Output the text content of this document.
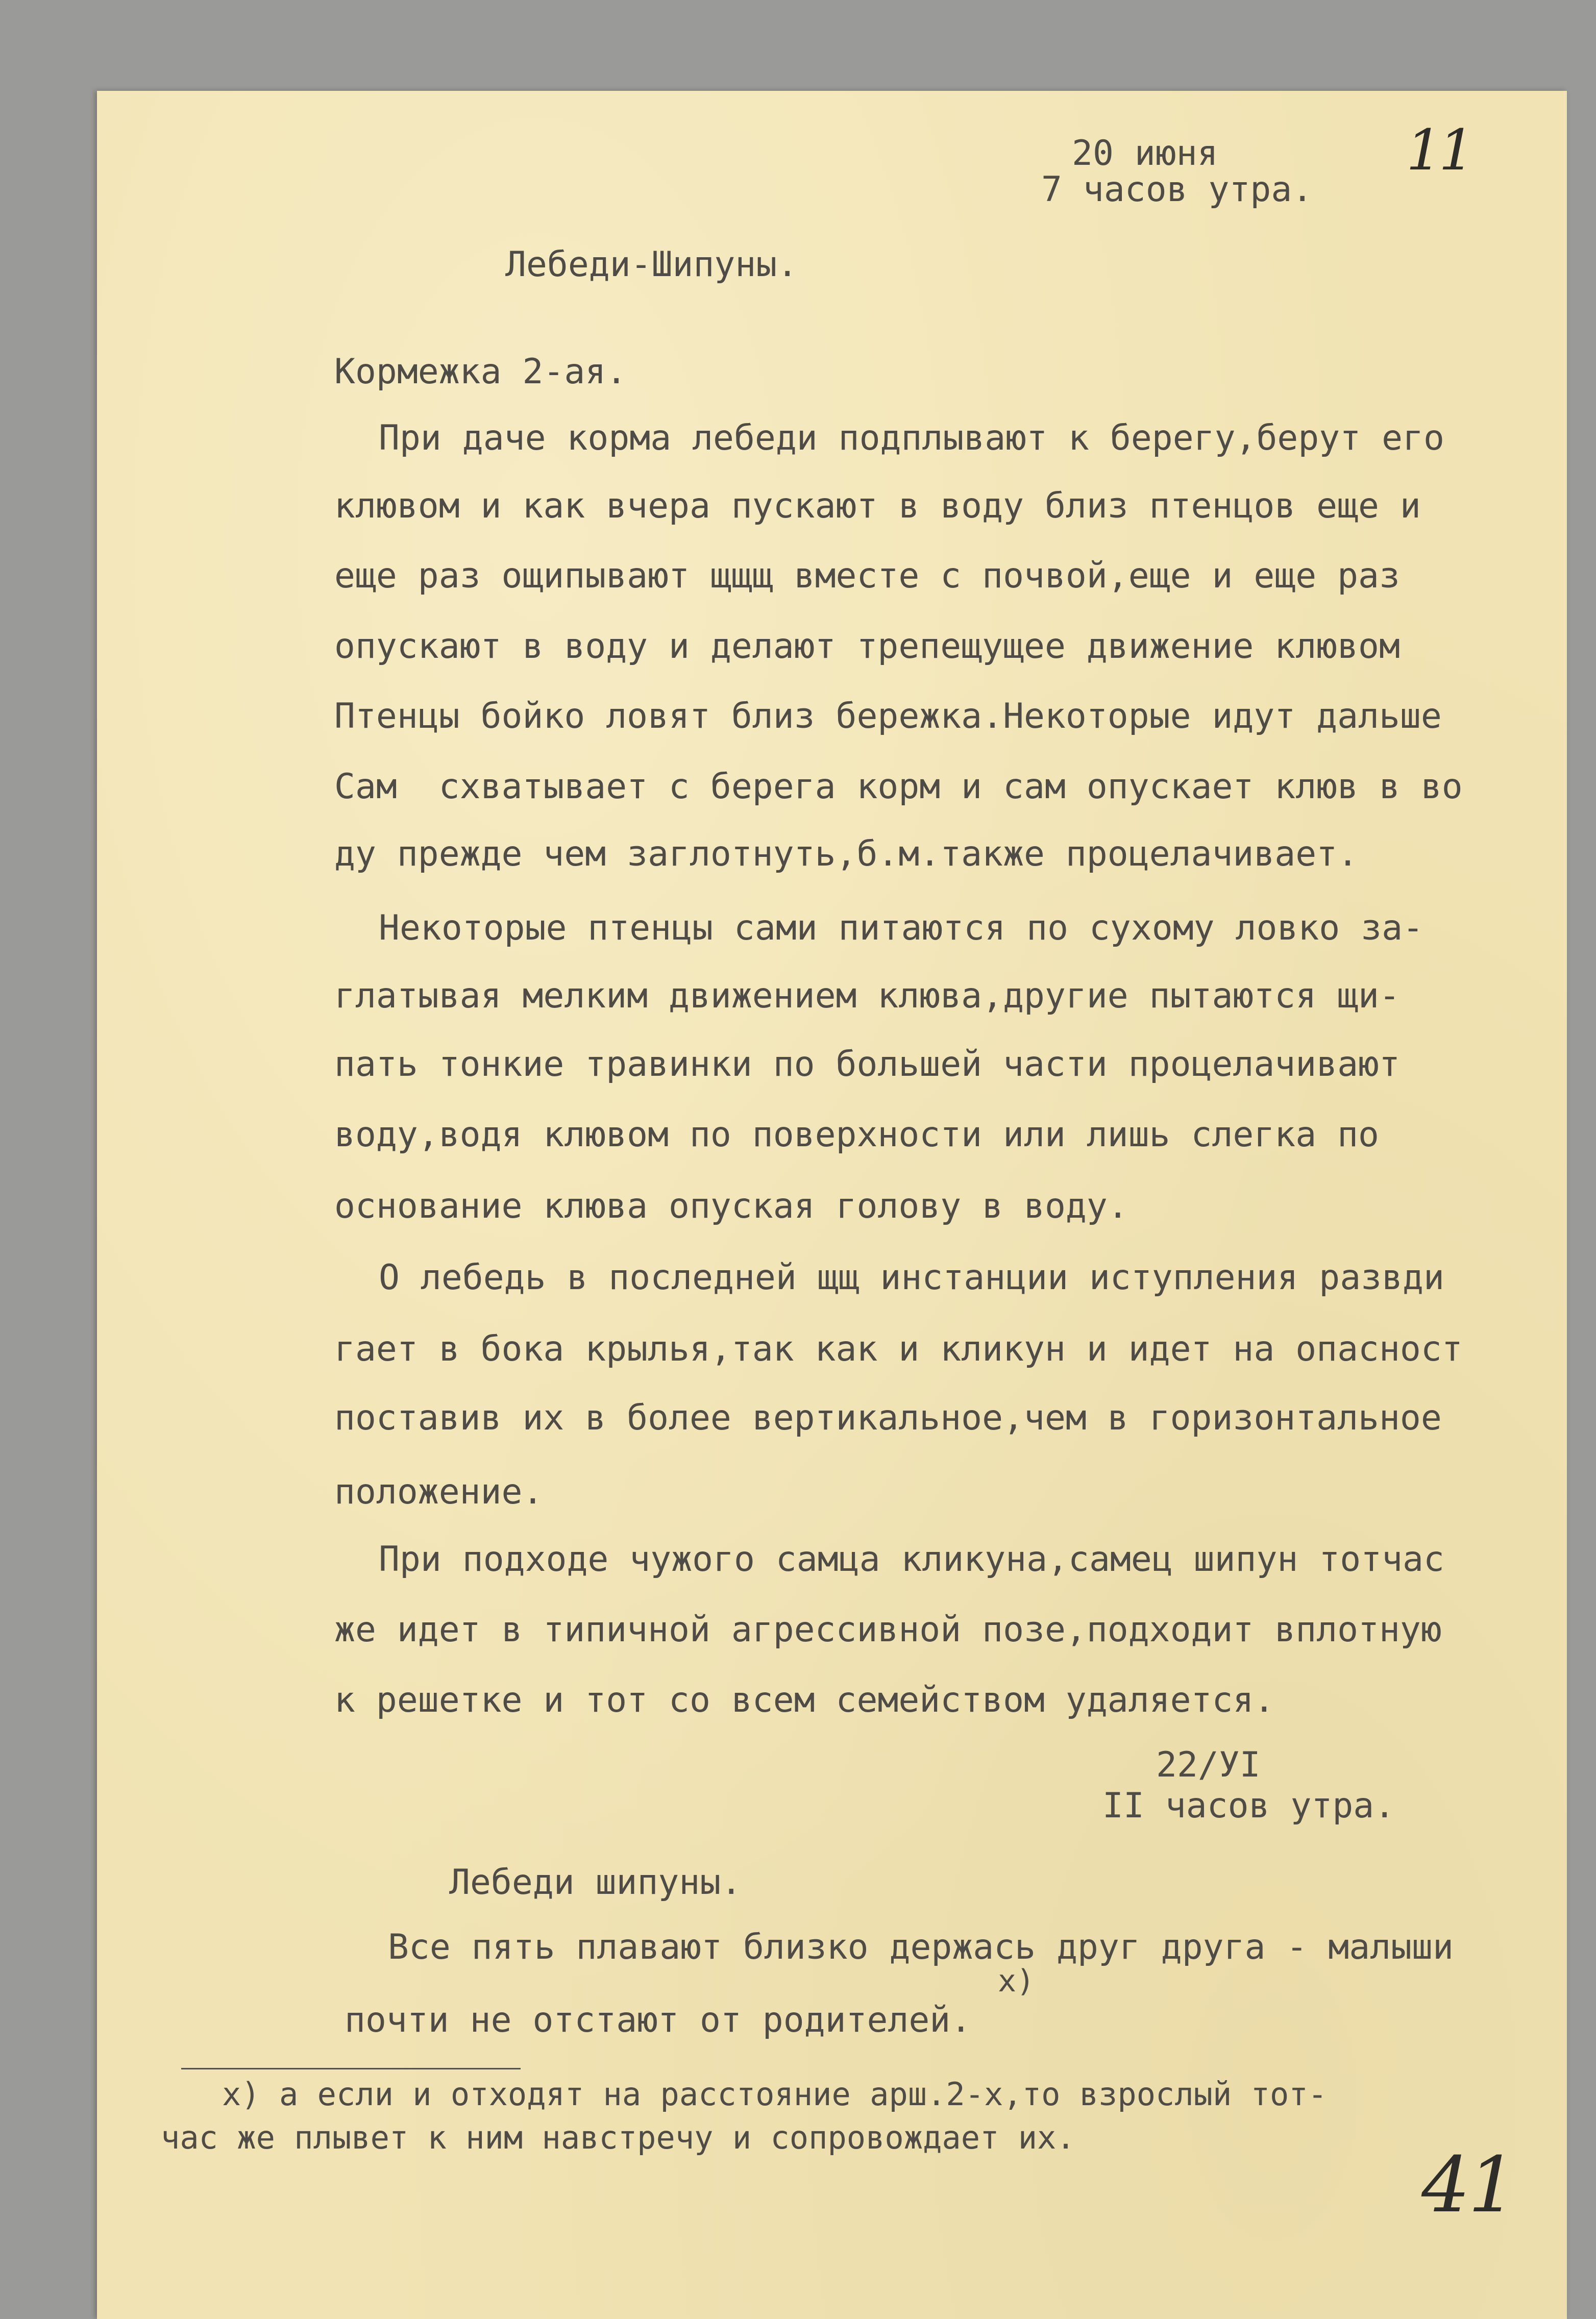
20 июня
7 часов утра.
11
Лебеди-Шипуны.
Кормежка 2-ая.
При даче корма лебеди подплывают к берегу,берут его
клювом и как вчера пускают в воду близ птенцов еще и
еще раз ощипывают щщщ вместе с почвой,еще и еще раз
опускают в воду и делают трепещущее движение клювом
Птенцы бойко ловят близ бережка.Некоторые идут дальше
Сам  схватывает с берега корм и сам опускает клюв в во
ду прежде чем заглотнуть,б.м.также процелачивает.
Некоторые птенцы сами питаются по сухому ловко за-
глатывая мелким движением клюва,другие пытаются щи-
пать тонкие травинки по большей части процелачивают
воду,водя клювом по поверхности или лишь слегка по
основание клюва опуская голову в воду.
О лебедь в последней щщ инстанции иступления развди
гает в бока крылья,так как и кликун и идет на опасност
поставив их в более вертикальное,чем в горизонтальное
положение.
При подходе чужого самца кликуна,самец шипун тотчас
же идет в типичной агрессивной позе,подходит вплотную
к решетке и тот со всем семейством удаляется.
22/УI
II часов утра.
Лебеди шипуны.
Все пять плавают близко держась друг друга - малыши
х)
почти не отстают от родителей.
х) а если и отходят на расстояние арш.2-х,то взрослый тот-
час же плывет к ним навстречу и сопровождает их.
41
